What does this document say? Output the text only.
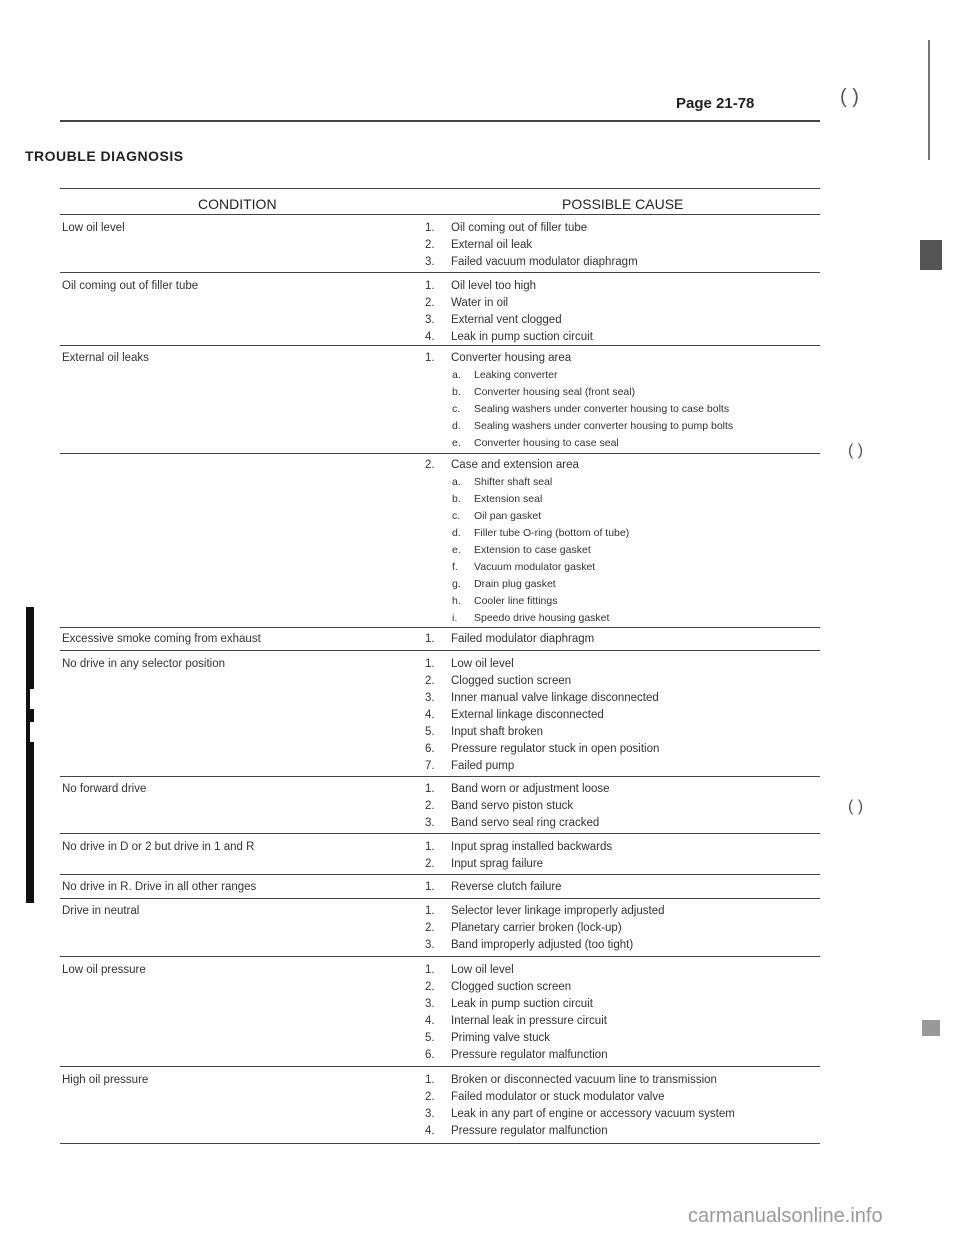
Page 21-78
TROUBLE DIAGNOSIS
CONDITION	POSSIBLE CAUSE
Low oil level	1. Oil coming out of filler tube
2. External oil leak
3. Failed vacuum modulator diaphragm
Oil coming out of filler tube	1. Oil level too high
2. Water in oil
3. External vent clogged
4. Leak in pump suction circuit
External oil leaks	1. Converter housing area
a. Leaking converter
b. Converter housing seal (front seal)
c. Sealing washers under converter housing to case bolts
d. Sealing washers under converter housing to pump bolts
e. Converter housing to case seal
2. Case and extension area
a. Shifter shaft seal
b. Extension seal
c. Oil pan gasket
d. Filler tube O-ring (bottom of tube)
e. Extension to case gasket
f. Vacuum modulator gasket
g. Drain plug gasket
h. Cooler line fittings
i. Speedo drive housing gasket
Excessive smoke coming from exhaust	1. Failed modulator diaphragm
No drive in any selector position	1. Low oil level
2. Clogged suction screen
3. Inner manual valve linkage disconnected
4. External linkage disconnected
5. Input shaft broken
6. Pressure regulator stuck in open position
7. Failed pump
No forward drive	1. Band worn or adjustment loose
2. Band servo piston stuck
3. Band servo seal ring cracked
No drive in D or 2 but drive in 1 and R	1. Input sprag installed backwards
2. Input sprag failure
No drive in R. Drive in all other ranges	1. Reverse clutch failure
Drive in neutral	1. Selector lever linkage improperly adjusted
2. Planetary carrier broken (lock-up)
3. Band improperly adjusted (too tight)
Low oil pressure	1. Low oil level
2. Clogged suction screen
3. Leak in pump suction circuit
4. Internal leak in pressure circuit
5. Priming valve stuck
6. Pressure regulator malfunction
High oil pressure	1. Broken or disconnected vacuum line to transmission
2. Failed modulator or stuck modulator valve
3. Leak in any part of engine or accessory vacuum system
4. Pressure regulator malfunction
( )
( )
( )
carmanualsonline.info
